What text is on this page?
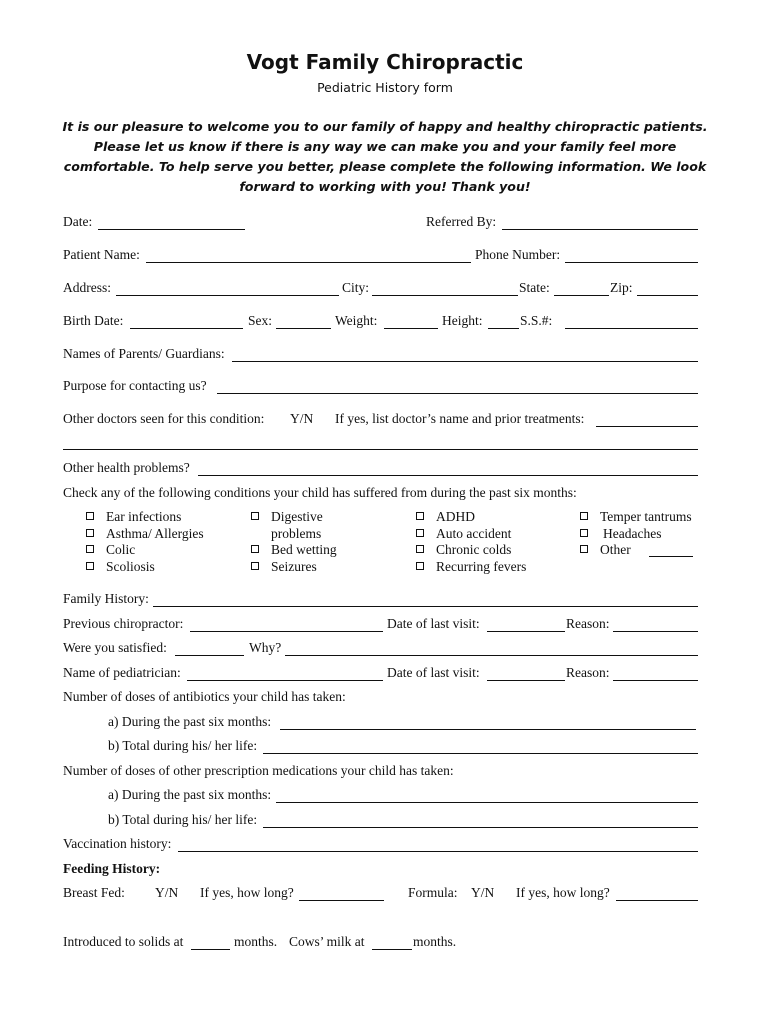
Vogt Family Chiropractic
Pediatric History form
It is our pleasure to welcome you to our family of happy and healthy chiropractic patients. Please let us know if there is any way we can make you and your family feel more comfortable. To help serve you better, please complete the following information. We look forward to working with you! Thank you!
Date:	Referred By:
Patient Name:	Phone Number:
Address:	City:	State:	Zip:
Birth Date:	Sex:	Weight:	Height:	S.S.#:
Names of Parents/ Guardians:
Purpose for contacting us?
Other doctors seen for this condition: Y/N If yes, list doctor’s name and prior treatments:
Other health problems?
Check any of the following conditions your child has suffered from during the past six months:
Ear infections
Asthma/ Allergies
Colic
Scoliosis
Digestive
problems
Bed wetting
Seizures
ADHD
Auto accident
Chronic colds
Recurring fevers
Temper tantrums
Headaches
Other
Family History:
Previous chiropractor:	Date of last visit:	Reason:
Were you satisfied:	Why?
Name of pediatrician:	Date of last visit:	Reason:
Number of doses of antibiotics your child has taken:
a) During the past six months:
b) Total during his/ her life:
Number of doses of other prescription medications your child has taken:
a) During the past six months:
b) Total during his/ her life:
Vaccination history:
Feeding History:
Breast Fed: Y/N If yes, how long?	Formula: Y/N If yes, how long?
Introduced to solids at	months. Cows’ milk at	months.
